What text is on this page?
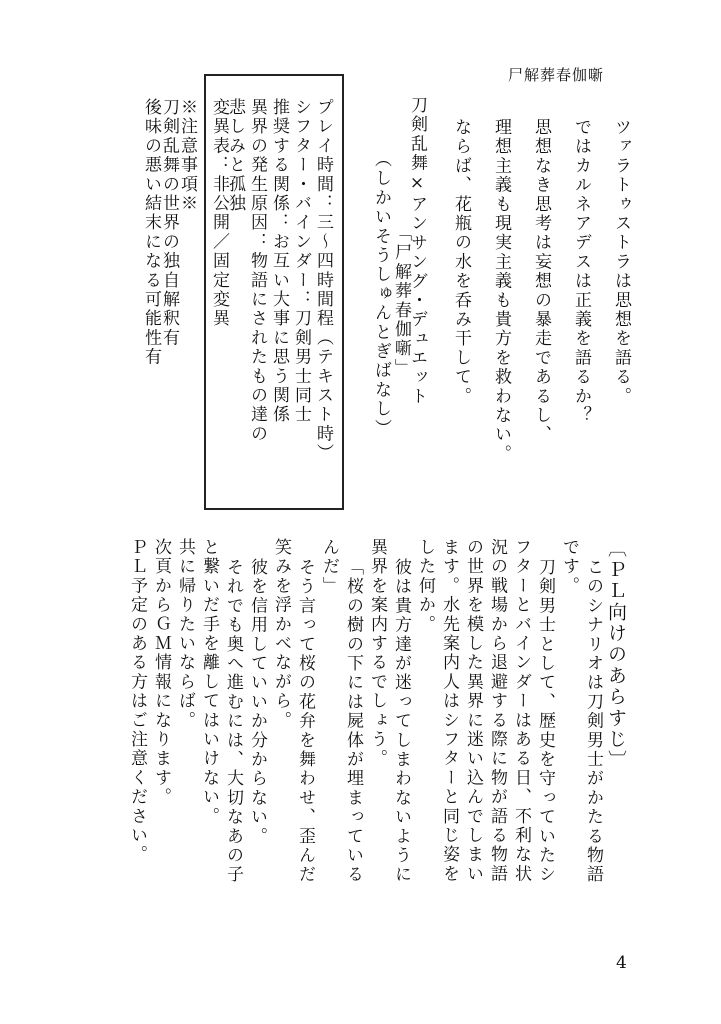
尸解葬春伽噺
ツァラトゥストラは思想を語る。
ではカルネアデスは正義を語るか？
思想なき思考は妄想の暴走であるし、
理想主義も現実主義も貴方を救わない。
ならば、花瓶の水を呑み干して。
刀剣乱舞×アンサング・デュエット
「尸解葬春伽噺」
（しかいそうしゅんとぎばなし）
プレイ時間：三〜四時間程（テキスト時）
シフター・バインダー：刀剣男士同士
推奨する関係：お互い大事に思う関係
異界の発生原因：物語にされたもの達の
悲しみと孤独
変異表：非公開／固定変異
※注意事項※
刀剣乱舞の世界の独自解釈有
後味の悪い結末になる可能性有
〔ＰＬ向けのあらすじ〕
このシナリオは刀剣男士がかたる物語
です。
刀剣男士として、歴史を守っていたシ
フターとバインダーはある日、不利な状
況の戦場から退避する際に物が語る物語
の世界を模した異界に迷い込んでしまい
ます。水先案内人はシフターと同じ姿を
した何か。
彼は貴方達が迷ってしまわないように
異界を案内するでしょう。
「桜の樹の下には屍体が埋まっている
んだ」
そう言って桜の花弁を舞わせ、歪んだ
笑みを浮かべながら。
彼を信用していいか分からない。
それでも奥へ進むには、大切なあの子
と繋いだ手を離してはいけない。
共に帰りたいならば。
次頁からＧＭ情報になります。
ＰＬ予定のある方はご注意ください。
4
